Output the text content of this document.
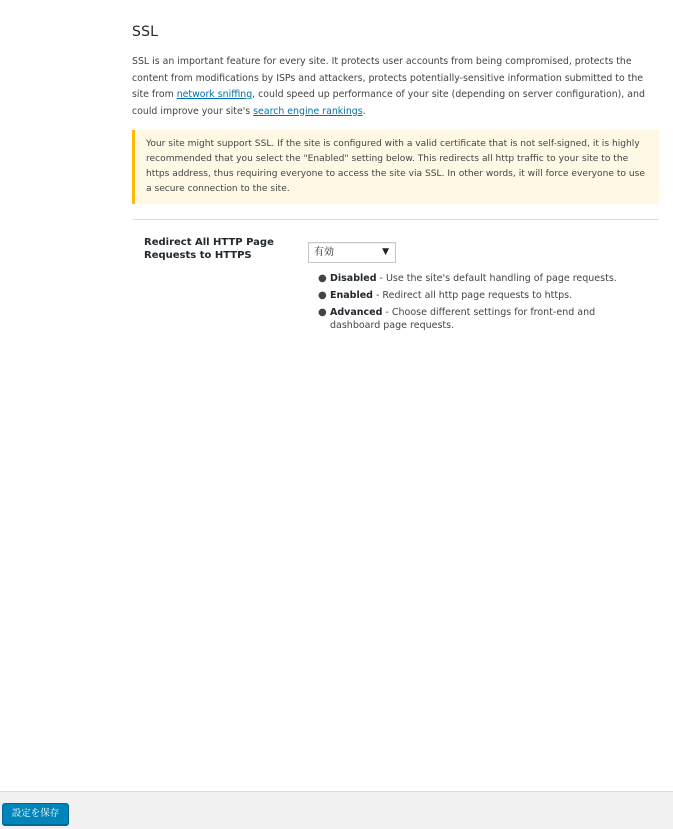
SSL

SSL is an important feature for every site. It protects user accounts from being compromised, protects the content from modifications by ISPs and attackers, protects potentially-sensitive information submitted to the site from network sniffing, could speed up performance of your site (depending on server configuration), and could improve your site's search engine rankings.

Your site might support SSL. If the site is configured with a valid certificate that is not self-signed, it is highly recommended that you select the "Enabled" setting below. This redirects all http traffic to your site to the https address, thus requiring everyone to access the site via SSL. In other words, it will force everyone to use a secure connection to the site.
Redirect All HTTP Page Requests to HTTPS	有効	▼
● Disabled - Use the site's default handling of page requests.
● Enabled - Redirect all http page requests to https.
● Advanced - Choose different settings for front-end and dashboard page requests.
設定を保存
